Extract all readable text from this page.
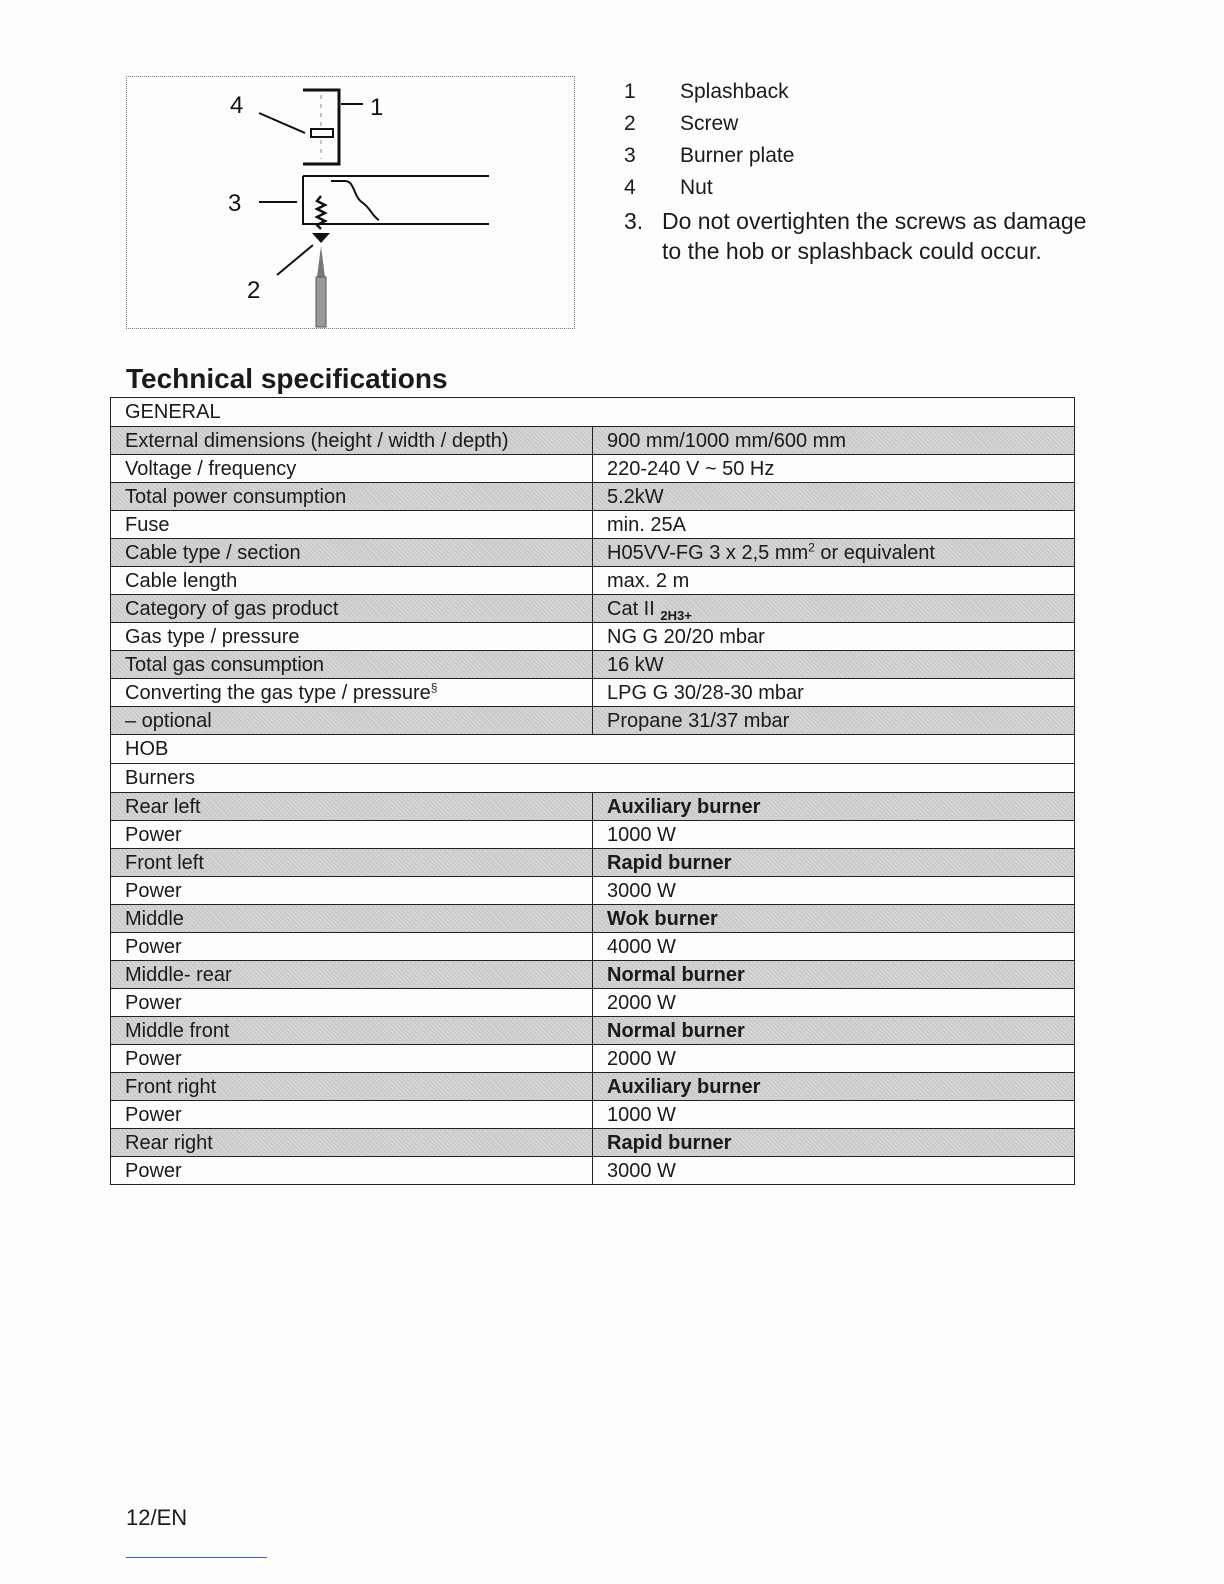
4	1
3
2
1 Splashback
2 Screw
3 Burner plate
4 Nut
3. Do not overtighten the screws as damage to the hob or splashback could occur.
Technical specifications
GENERAL	
External dimensions (height / width / depth)	900 mm/1000 mm/600 mm
Voltage / frequency	220-240 V ~ 50 Hz
Total power consumption	5.2kW
Fuse	min. 25A
Cable type / section	H05VV-FG 3 x 2,5 $mm^2$ or equivalent
Cable length	max. 2 m
Category of gas product	Cat II $_{2H3+}$
Gas type / pressure	NG G 20/20 mbar
Total gas consumption	16 kW
Converting the gas type / pressure§	LPG G 30/28-30 mbar
– optional	Propane 31/37 mbar
HOB	
Burners	
Rear left	Auxiliary burner
Power	1000 W
Front left	Rapid burner
Power	3000 W
Middle	Wok burner
Power	4000 W
Middle- rear	Normal burner
Power	2000 W
Middle front	Normal burner
Power	2000 W
Front right	Auxiliary burner
Power	1000 W
Rear right	Rapid burner
Power	3000 W
12/EN
